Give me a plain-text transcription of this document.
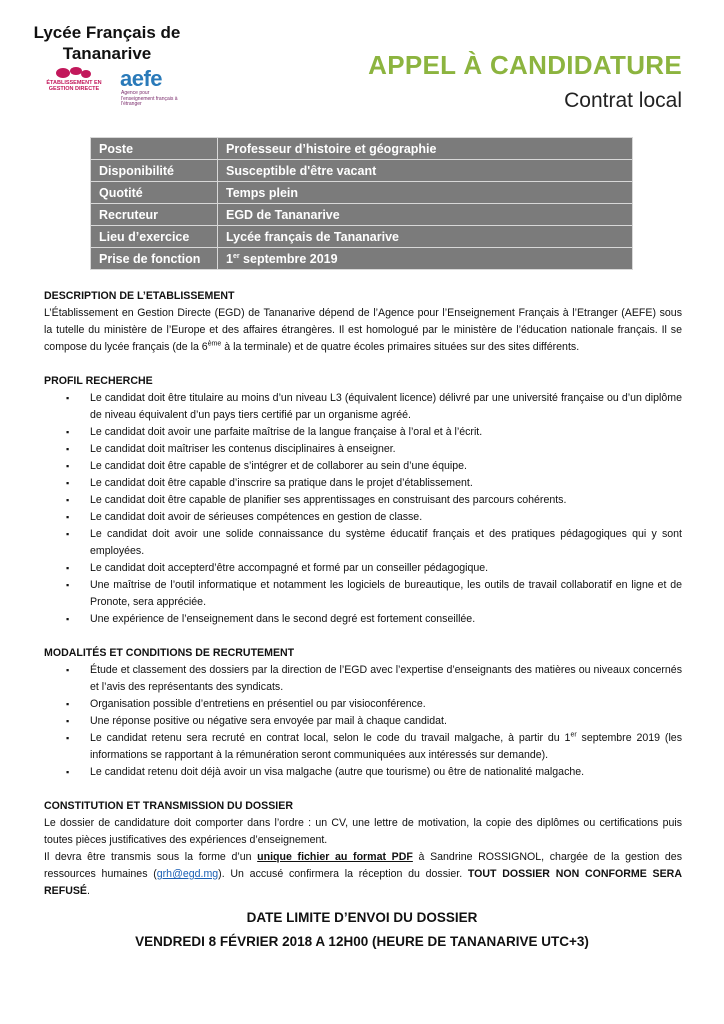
Lycée Français de
Tananarive
ÉTABLISSEMENT EN GESTION DIRECTE aefe
Agence pour l'enseignement français à l'étranger
APPEL À CANDIDATURE
Contrat local
Poste	Professeur d’histoire et géographie
Disponibilité	Susceptible d'être vacant
Quotité	Temps plein
Recruteur	EGD de Tananarive
Lieu d’exercice	Lycée français de Tananarive
Prise de fonction	1er septembre 2019
DESCRIPTION DE L’ETABLISSEMENT

L’Établissement en Gestion Directe (EGD) de Tananarive dépend de l’Agence pour l’Enseignement Français à l’Etranger (AEFE) sous la tutelle du ministère de l’Europe et des affaires étrangères. Il est homologué par le ministère de l’éducation nationale français. Il se compose du lycée français (de la 6ème à la terminale) et de quatre écoles primaires situées sur des sites différents.

PROFIL RECHERCHE
▪ Le candidat doit être titulaire au moins d’un niveau L3 (équivalent licence) délivré par une université française ou d’un diplôme de niveau équivalent d’un pays tiers certifié par un organisme agréé.
▪ Le candidat doit avoir une parfaite maîtrise de la langue française à l’oral et à l’écrit.
▪ Le candidat doit maîtriser les contenus disciplinaires à enseigner.
▪ Le candidat doit être capable de s’intégrer et de collaborer au sein d’une équipe.
▪ Le candidat doit être capable d’inscrire sa pratique dans le projet d’établissement.
▪ Le candidat doit être capable de planifier ses apprentissages en construisant des parcours cohérents.
▪ Le candidat doit avoir de sérieuses compétences en gestion de classe.
▪ Le candidat doit avoir une solide connaissance du système éducatif français et des pratiques pédagogiques qui y sont employées.
▪ Le candidat doit accepterd’être accompagné et formé par un conseiller pédagogique.
▪ Une maîtrise de l’outil informatique et notamment les logiciels de bureautique, les outils de travail collaboratif en ligne et de Pronote, sera appréciée.
▪ Une expérience de l’enseignement dans le second degré est fortement conseillée.
MODALITÉS ET CONDITIONS DE RECRUTEMENT
▪ Étude et classement des dossiers par la direction de l’EGD avec l’expertise d’enseignants des matières ou niveaux concernés et l’avis des représentants des syndicats.
▪ Organisation possible d’entretiens en présentiel ou par visioconférence.
▪ Une réponse positive ou négative sera envoyée par mail à chaque candidat.
▪ Le candidat retenu sera recruté en contrat local, selon le code du travail malgache, à partir du 1er septembre 2019 (les informations se rapportant à la rémunération seront communiquées aux intéressés sur demande).
▪ Le candidat retenu doit déjà avoir un visa malgache (autre que tourisme) ou être de nationalité malgache.
CONSTITUTION ET TRANSMISSION DU DOSSIER

Le dossier de candidature doit comporter dans l’ordre : un CV, une lettre de motivation, la copie des diplômes ou certifications puis toutes pièces justificatives des expériences d’enseignement.

Il devra être transmis sous la forme d’un unique fichier au format PDF à Sandrine ROSSIGNOL, chargée de la gestion des ressources humaines (grh@egd.mg). Un accusé confirmera la réception du dossier. TOUT DOSSIER NON CONFORME SERA REFUSÉ.

DATE LIMITE D’ENVOI DU DOSSIER
VENDREDI 8 FÉVRIER 2018 A 12H00 (HEURE DE TANANARIVE UTC+3)
